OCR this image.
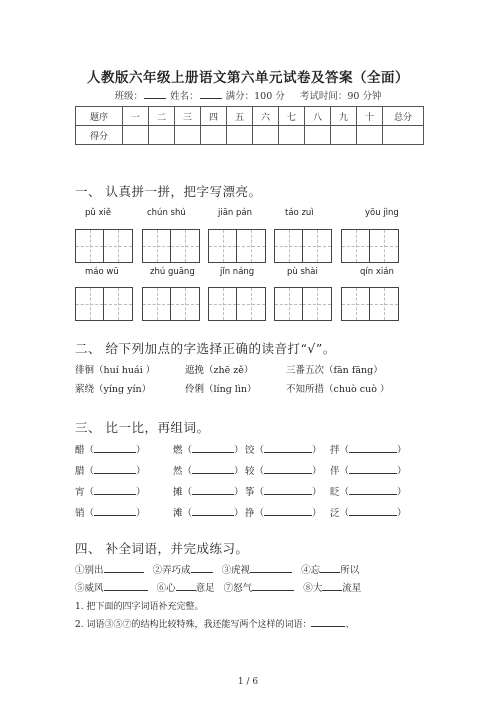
人教版六年级上册语文第六单元试卷及答案（全面）
班级：	姓名：	满分：100 分 考试时间：90 分钟
题序	一	二	三	四	五	六	七	八	九	十	总分
得分											
一、 认真拼一拼，把字写漂亮。
pǔ xiě	chún shú	jiān pán	táo zuì	yōu jìng
máo wū	zhú guāng	jǐn náng	pù shài	qín xián
二、 给下列加点的字选择正确的读音打“√”。
徘徊（huí huái ）	遮挽（zhē zě）	三番五次（fān fāng）
萦绕（yíng yín）	伶俐（líng lìn）	不知所措（chuò cuò ）
三、 比一比，再组词。
醋（	）	燃（	） 饺（	） 拌（	）
腊（	）	然（	） 较（	） 伴（	）
宵（	）	摊（	） 筝（	） 眨（	）
销（	）	滩（	） 挣（	） 泛（	）
四、 补全词语，并完成练习。
①别出	②弄巧成	③虎视	④忘 所以
⑤威风	⑥心 意足 ⑦怒气	⑧大 流星
1. 把下面的四字词语补充完整。
2. 词语③⑤⑦的结构比较特殊，我还能写两个这样的词语：	、
1 / 6
